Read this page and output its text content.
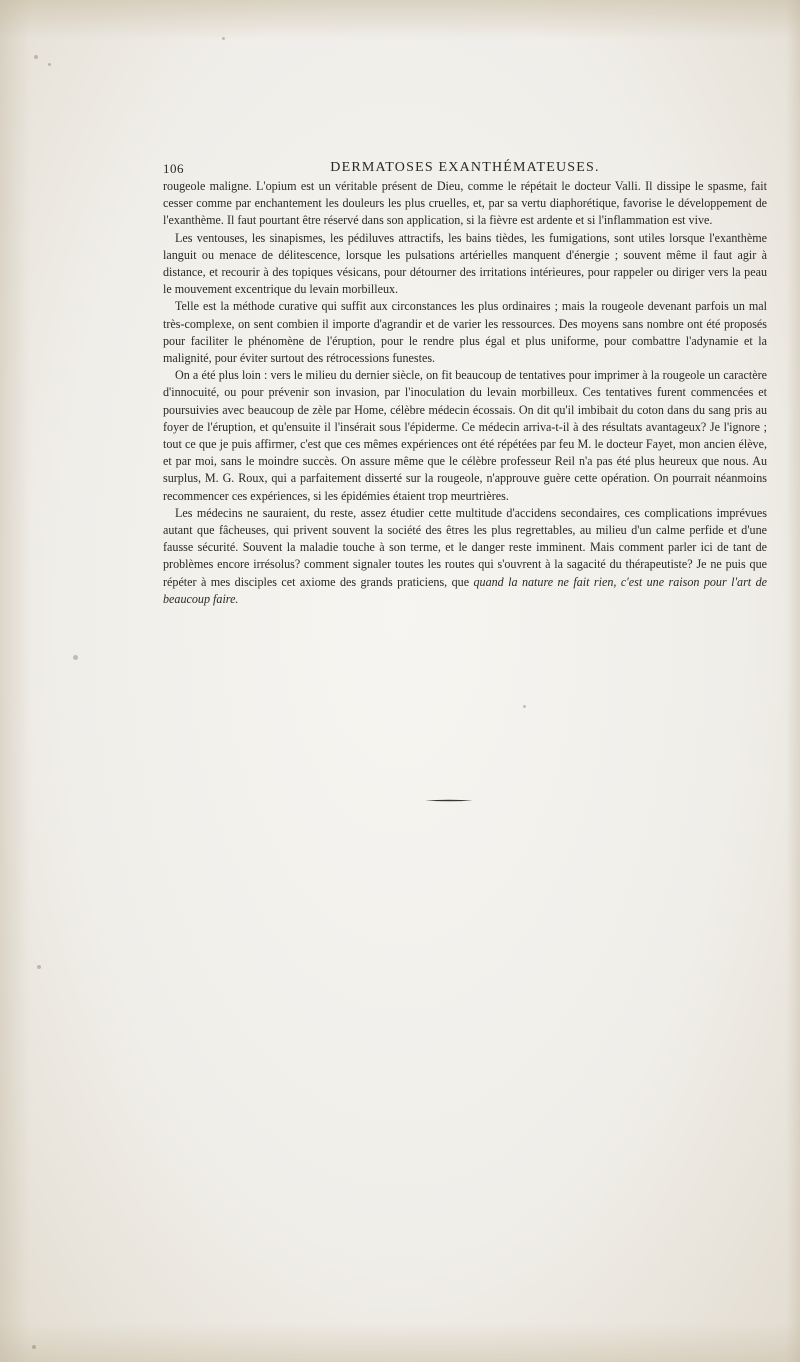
106	DERMATOSES EXANTHÉMATEUSES.

rougeole maligne. L'opium est un véritable présent de Dieu, comme le répétait le docteur Valli. Il dissipe le spasme, fait cesser comme par enchantement les douleurs les plus cruelles, et, par sa vertu diaphorétique, favorise le développement de l'exanthème. Il faut pourtant être réservé dans son application, si la fièvre est ardente et si l'inflammation est vive.

Les ventouses, les sinapismes, les pédiluves attractifs, les bains tièdes, les fumigations, sont utiles lorsque l'exanthème languit ou menace de délitescence, lorsque les pulsations artérielles manquent d'énergie ; souvent même il faut agir à distance, et recourir à des topiques vésicans, pour détourner des irritations intérieures, pour rappeler ou diriger vers la peau le mouvement excentrique du levain morbilleux.

Telle est la méthode curative qui suffit aux circonstances les plus ordinaires ; mais la rougeole devenant parfois un mal très-complexe, on sent combien il importe d'agrandir et de varier les ressources. Des moyens sans nombre ont été proposés pour faciliter le phénomène de l'éruption, pour le rendre plus égal et plus uniforme, pour combattre l'adynamie et la malignité, pour éviter surtout des rétrocessions funestes.

On a été plus loin : vers le milieu du dernier siècle, on fit beaucoup de tentatives pour imprimer à la rougeole un caractère d'innocuité, ou pour prévenir son invasion, par l'inoculation du levain morbilleux. Ces tentatives furent commencées et poursuivies avec beaucoup de zèle par Home, célèbre médecin écossais. On dit qu'il imbibait du coton dans du sang pris au foyer de l'éruption, et qu'ensuite il l'insérait sous l'épiderme. Ce médecin arriva-t-il à des résultats avantageux? Je l'ignore ; tout ce que je puis affirmer, c'est que ces mêmes expériences ont été répétées par feu M. le docteur Fayet, mon ancien élève, et par moi, sans le moindre succès. On assure même que le célèbre professeur Reil n'a pas été plus heureux que nous. Au surplus, M. G. Roux, qui a parfaitement disserté sur la rougeole, n'approuve guère cette opération. On pourrait néanmoins recommencer ces expériences, si les épidémies étaient trop meurtrières.

Les médecins ne sauraient, du reste, assez étudier cette multitude d'accidens secondaires, ces complications imprévues autant que fâcheuses, qui privent souvent la société des êtres les plus regrettables, au milieu d'un calme perfide et d'une fausse sécurité. Souvent la maladie touche à son terme, et le danger reste imminent. Mais comment parler ici de tant de problèmes encore irrésolus? comment signaler toutes les routes qui s'ouvrent à la sagacité du thérapeutiste? Je ne puis que répéter à mes disciples cet axiome des grands praticiens, que quand la nature ne fait rien, c'est une raison pour l'art de beaucoup faire.
